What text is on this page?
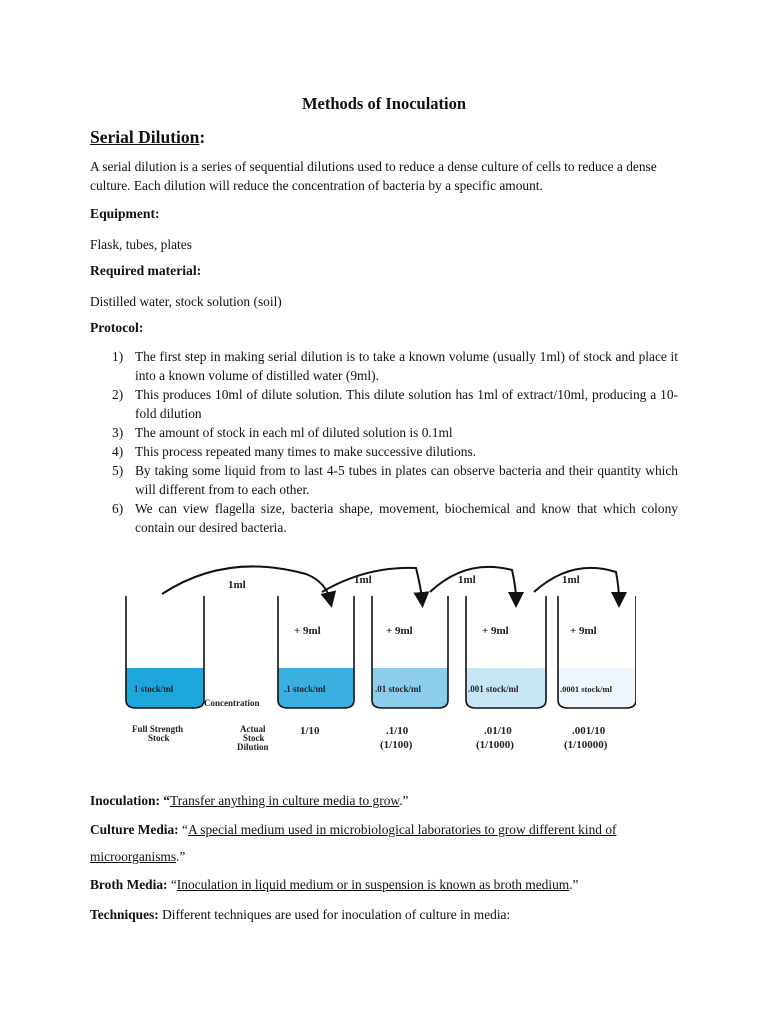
Methods of Inoculation
Serial Dilution:
A serial dilution is a series of sequential dilutions used to reduce a dense culture of cells to reduce a dense culture. Each dilution will reduce the concentration of bacteria by a specific amount.
Equipment:
Flask, tubes, plates
Required material:
Distilled water, stock solution (soil)
Protocol:
1) The first step in making serial dilution is to take a known volume (usually 1ml) of stock and place it into a known volume of distilled water (9ml).
2) This produces 10ml of dilute solution. This dilute solution has 1ml of extract/10ml, producing a 10-fold dilution
3) The amount of stock in each ml of diluted solution is 0.1ml
4) This process repeated many times to make successive dilutions.
5) By taking some liquid from to last 4-5 tubes in plates can observe bacteria and their quantity which will different from to each other.
6) We can view flagella size, bacteria shape, movement, biochemical and know that which colony contain our desired bacteria.
1ml	1ml	1ml	1ml
+ 9ml	+ 9ml	+ 9ml	+ 9ml
1 stock/ml	.1 stock/ml	.01 stock/ml	.001 stock/ml	.0001 stock/ml
Concentration
Full Strength
Stock
Actual
Stock
Dilution
1/10	.1/10
(1/100)
.01/10
(1/1000)
.001/10
(1/10000)
Inoculation: “Transfer anything in culture media to grow.”
Culture Media: “A special medium used in microbiological laboratories to grow different kind of
microorganisms.”
Broth Media: “Inoculation in liquid medium or in suspension is known as broth medium.”
Techniques: Different techniques are used for inoculation of culture in media:
